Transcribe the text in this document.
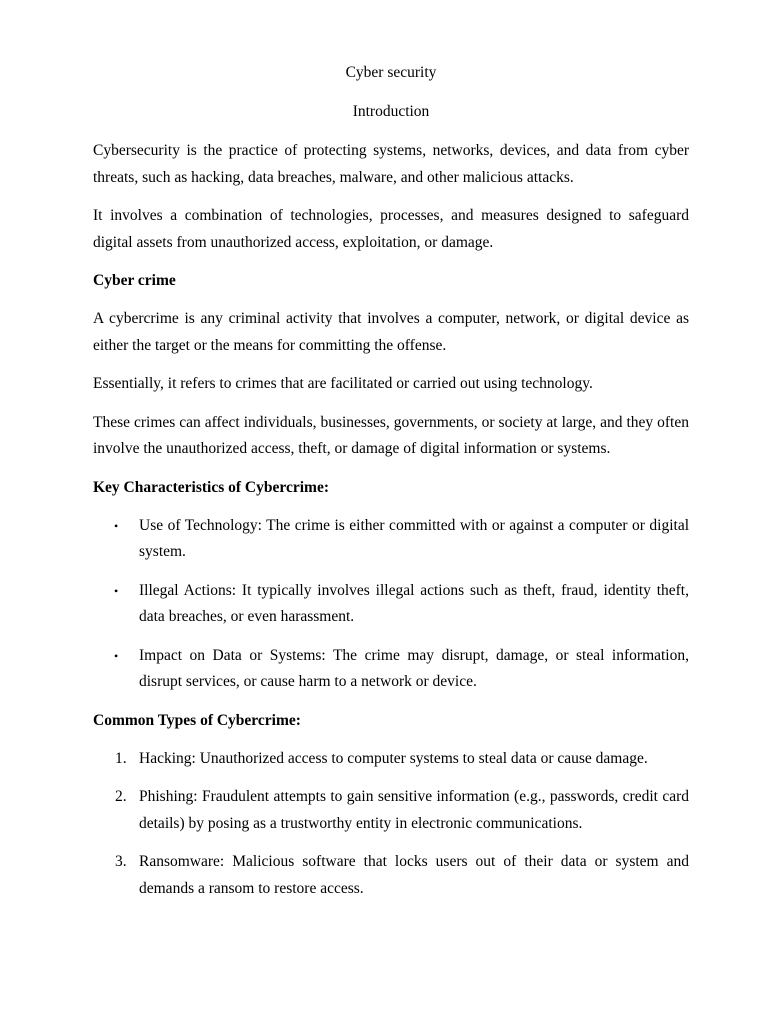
Cyber security
Introduction

Cybersecurity is the practice of protecting systems, networks, devices, and data from cyber threats, such as hacking, data breaches, malware, and other malicious attacks.

It involves a combination of technologies, processes, and measures designed to safeguard digital assets from unauthorized access, exploitation, or damage.

Cyber crime

A cybercrime is any criminal activity that involves a computer, network, or digital device as either the target or the means for committing the offense.

Essentially, it refers to crimes that are facilitated or carried out using technology.

These crimes can affect individuals, businesses, governments, or society at large, and they often involve the unauthorized access, theft, or damage of digital information or systems.

Key Characteristics of Cybercrime:
• Use of Technology: The crime is either committed with or against a computer or digital system.
• Illegal Actions: It typically involves illegal actions such as theft, fraud, identity theft, data breaches, or even harassment.
• Impact on Data or Systems: The crime may disrupt, damage, or steal information, disrupt services, or cause harm to a network or device.
Common Types of Cybercrime:
1. Hacking: Unauthorized access to computer systems to steal data or cause damage.
2. Phishing: Fraudulent attempts to gain sensitive information (e.g., passwords, credit card details) by posing as a trustworthy entity in electronic communications.
3. Ransomware: Malicious software that locks users out of their data or system and demands a ransom to restore access.
